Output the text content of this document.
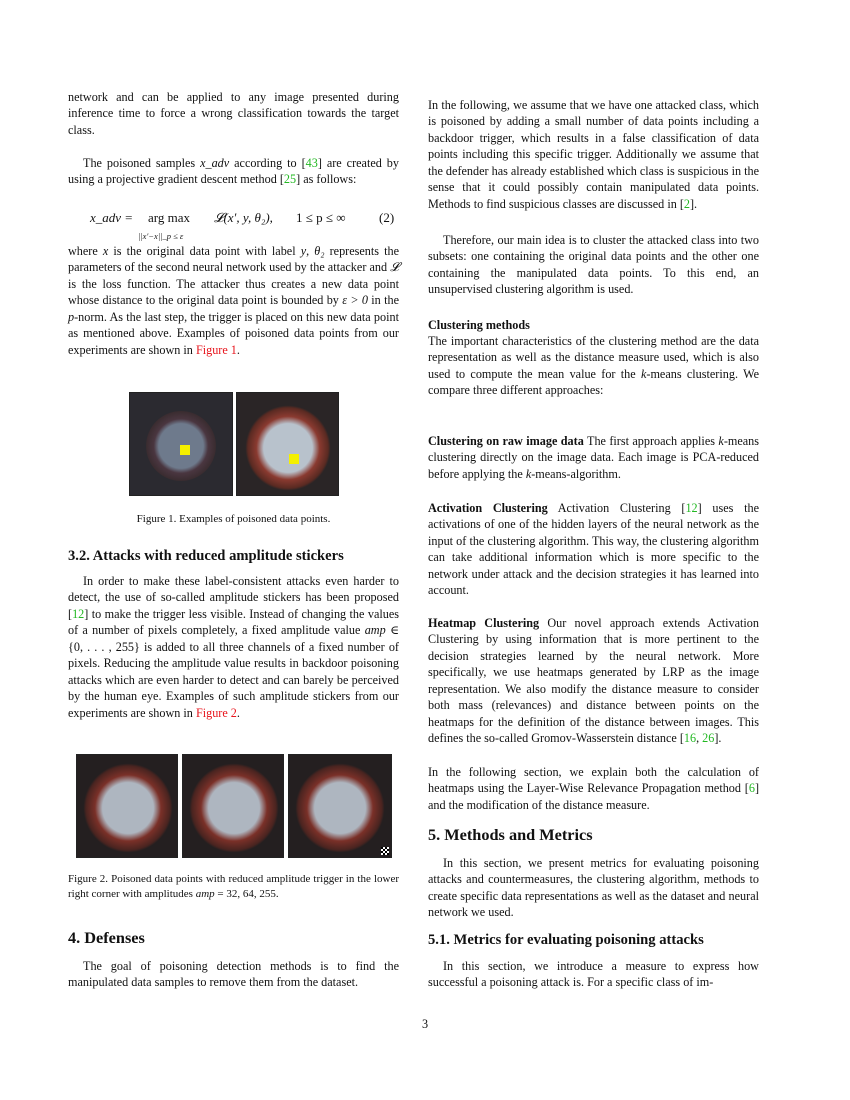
network and can be applied to any image presented during inference time to force a wrong classification towards the target class.
The poisoned samples x_adv according to [43] are created by using a projective gradient descent method [25] as follows:
x_adv = arg max
||x′−x||_p ≤ ε
𝓛(x′, y, θ₂), 1 ≤ p ≤ ∞	(2)
where x is the original data point with label y, θ₂ represents the parameters of the second neural network used by the attacker and 𝓛 is the loss function. The attacker thus creates a new data point whose distance to the original data point is bounded by ε > 0 in the p-norm. As the last step, the trigger is placed on this new data point as mentioned above. Examples of poisoned data points from our experiments are shown in Figure 1.
Figure 1. Examples of poisoned data points.
3.2. Attacks with reduced amplitude stickers
In order to make these label-consistent attacks even harder to detect, the use of so-called amplitude stickers has been proposed [12] to make the trigger less visible. Instead of changing the values of a number of pixels completely, a fixed amplitude value amp ∈ {0, . . . , 255} is added to all three channels of a fixed number of pixels. Reducing the amplitude value results in backdoor poisoning attacks which are even harder to detect and can barely be perceived by the human eye. Examples of such amplitude stickers from our experiments are shown in Figure 2.
Figure 2. Poisoned data points with reduced amplitude trigger in the lower right corner with amplitudes amp = 32, 64, 255.
4. Defenses
The goal of poisoning detection methods is to find the manipulated data samples to remove them from the dataset.
In the following, we assume that we have one attacked class, which is poisoned by adding a small number of data points including a backdoor trigger, which results in a false classification of data points including this specific trigger. Additionally we assume that the defender has already established which class is suspicious in the sense that it could possibly contain manipulated data points. Methods to find suspicious classes are discussed in [2].
Therefore, our main idea is to cluster the attacked class into two subsets: one containing the original data points and the other one containing the manipulated data points. To this end, an unsupervised clustering algorithm is used.
Clustering methods
The important characteristics of the clustering method are the data representation as well as the distance measure used, which is also used to compute the mean value for the k-means clustering. We compare three different approaches:
Clustering on raw image data The first approach applies k-means clustering directly on the image data. Each image is PCA-reduced before applying the k-means-algorithm.
Activation Clustering Activation Clustering [12] uses the activations of one of the hidden layers of the neural network as the input of the clustering algorithm. This way, the clustering algorithm can take additional information which is more specific to the network under attack and the decision strategies it has learned into account.
Heatmap Clustering Our novel approach extends Activation Clustering by using information that is more pertinent to the decision strategies learned by the neural network. More specifically, we use heatmaps generated by LRP as the image representation. We also modify the distance measure to consider both mass (relevances) and distance between points on the heatmaps for the definition of the distance between images. This defines the so-called Gromov-Wasserstein distance [16, 26].
In the following section, we explain both the calculation of heatmaps using the Layer-Wise Relevance Propagation method [6] and the modification of the distance measure.
5. Methods and Metrics
In this section, we present metrics for evaluating poisoning attacks and countermeasures, the clustering algorithm, methods to create specific data representations as well as the dataset and neural network we used.
5.1. Metrics for evaluating poisoning attacks
In this section, we introduce a measure to express how successful a poisoning attack is. For a specific class of im-
3
